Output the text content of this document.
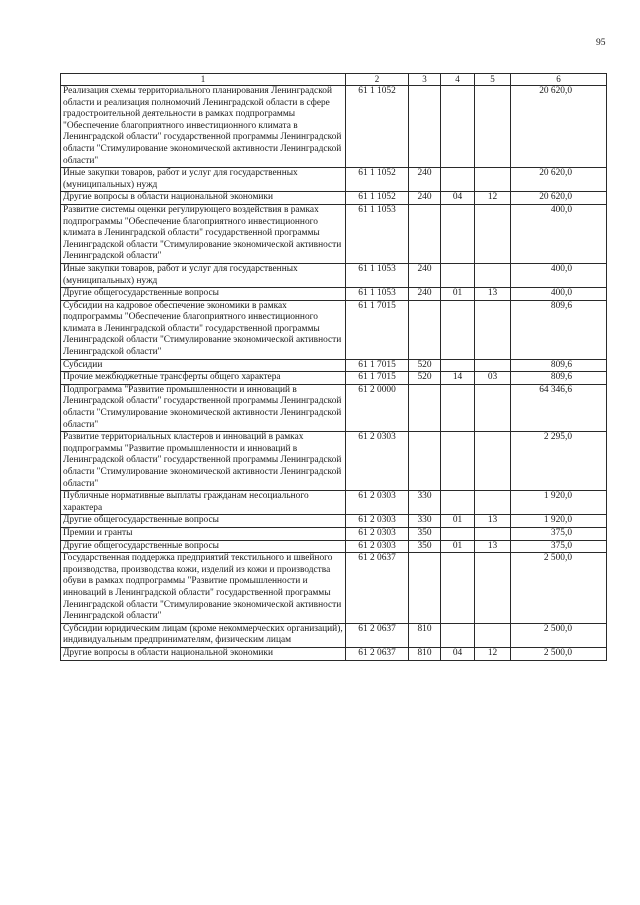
95
1	2	3	4	5	6
Реализация схемы территориального планирования Ленинградской области и реализация полномочий Ленинградской области в сфере градостроительной деятельности в рамках подпрограммы "Обеспечение благоприятного инвестиционного климата в Ленинградской области" государственной программы Ленинградской области "Стимулирование экономической активности Ленинградской области"	61 1 1052				20 620,0
Иные закупки товаров, работ и услуг для государственных (муниципальных) нужд	61 1 1052	240			20 620,0
Другие вопросы в области национальной экономики	61 1 1052	240	04	12	20 620,0
Развитие системы оценки регулирующего воздействия в рамках подпрограммы "Обеспечение благоприятного инвестиционного климата в Ленинградской области" государственной программы Ленинградской области "Стимулирование экономической активности Ленинградской области"	61 1 1053				400,0
Иные закупки товаров, работ и услуг для государственных (муниципальных) нужд	61 1 1053	240			400,0
Другие общегосударственные вопросы	61 1 1053	240	01	13	400,0
Субсидии на кадровое обеспечение экономики в рамках подпрограммы "Обеспечение благоприятного инвестиционного климата в Ленинградской области" государственной программы Ленинградской области "Стимулирование экономической активности Ленинградской области"	61 1 7015				809,6
Субсидии	61 1 7015	520			809,6
Прочие межбюджетные трансферты общего характера	61 1 7015	520	14	03	809,6
Подпрограмма "Развитие промышленности и инноваций в Ленинградской области" государственной программы Ленинградской области "Стимулирование экономической активности Ленинградской области"	61 2 0000				64 346,6
Развитие территориальных кластеров и инноваций в рамках подпрограммы "Развитие промышленности и инноваций в Ленинградской области" государственной программы Ленинградской области "Стимулирование экономической активности Ленинградской области"	61 2 0303				2 295,0
Публичные нормативные выплаты гражданам несоциального характера	61 2 0303	330			1 920,0
Другие общегосударственные вопросы	61 2 0303	330	01	13	1 920,0
Премии и гранты	61 2 0303	350			375,0
Другие общегосударственные вопросы	61 2 0303	350	01	13	375,0
Государственная поддержка предприятий текстильного и швейного производства, производства кожи, изделий из кожи и производства обуви в рамках подпрограммы "Развитие промышленности и инноваций в Ленинградской области" государственной программы Ленинградской области "Стимулирование экономической активности Ленинградской области"	61 2 0637				2 500,0
Субсидии юридическим лицам (кроме некоммерческих организаций), индивидуальным предпринимателям, физическим лицам	61 2 0637	810			2 500,0
Другие вопросы в области национальной экономики	61 2 0637	810	04	12	2 500,0
